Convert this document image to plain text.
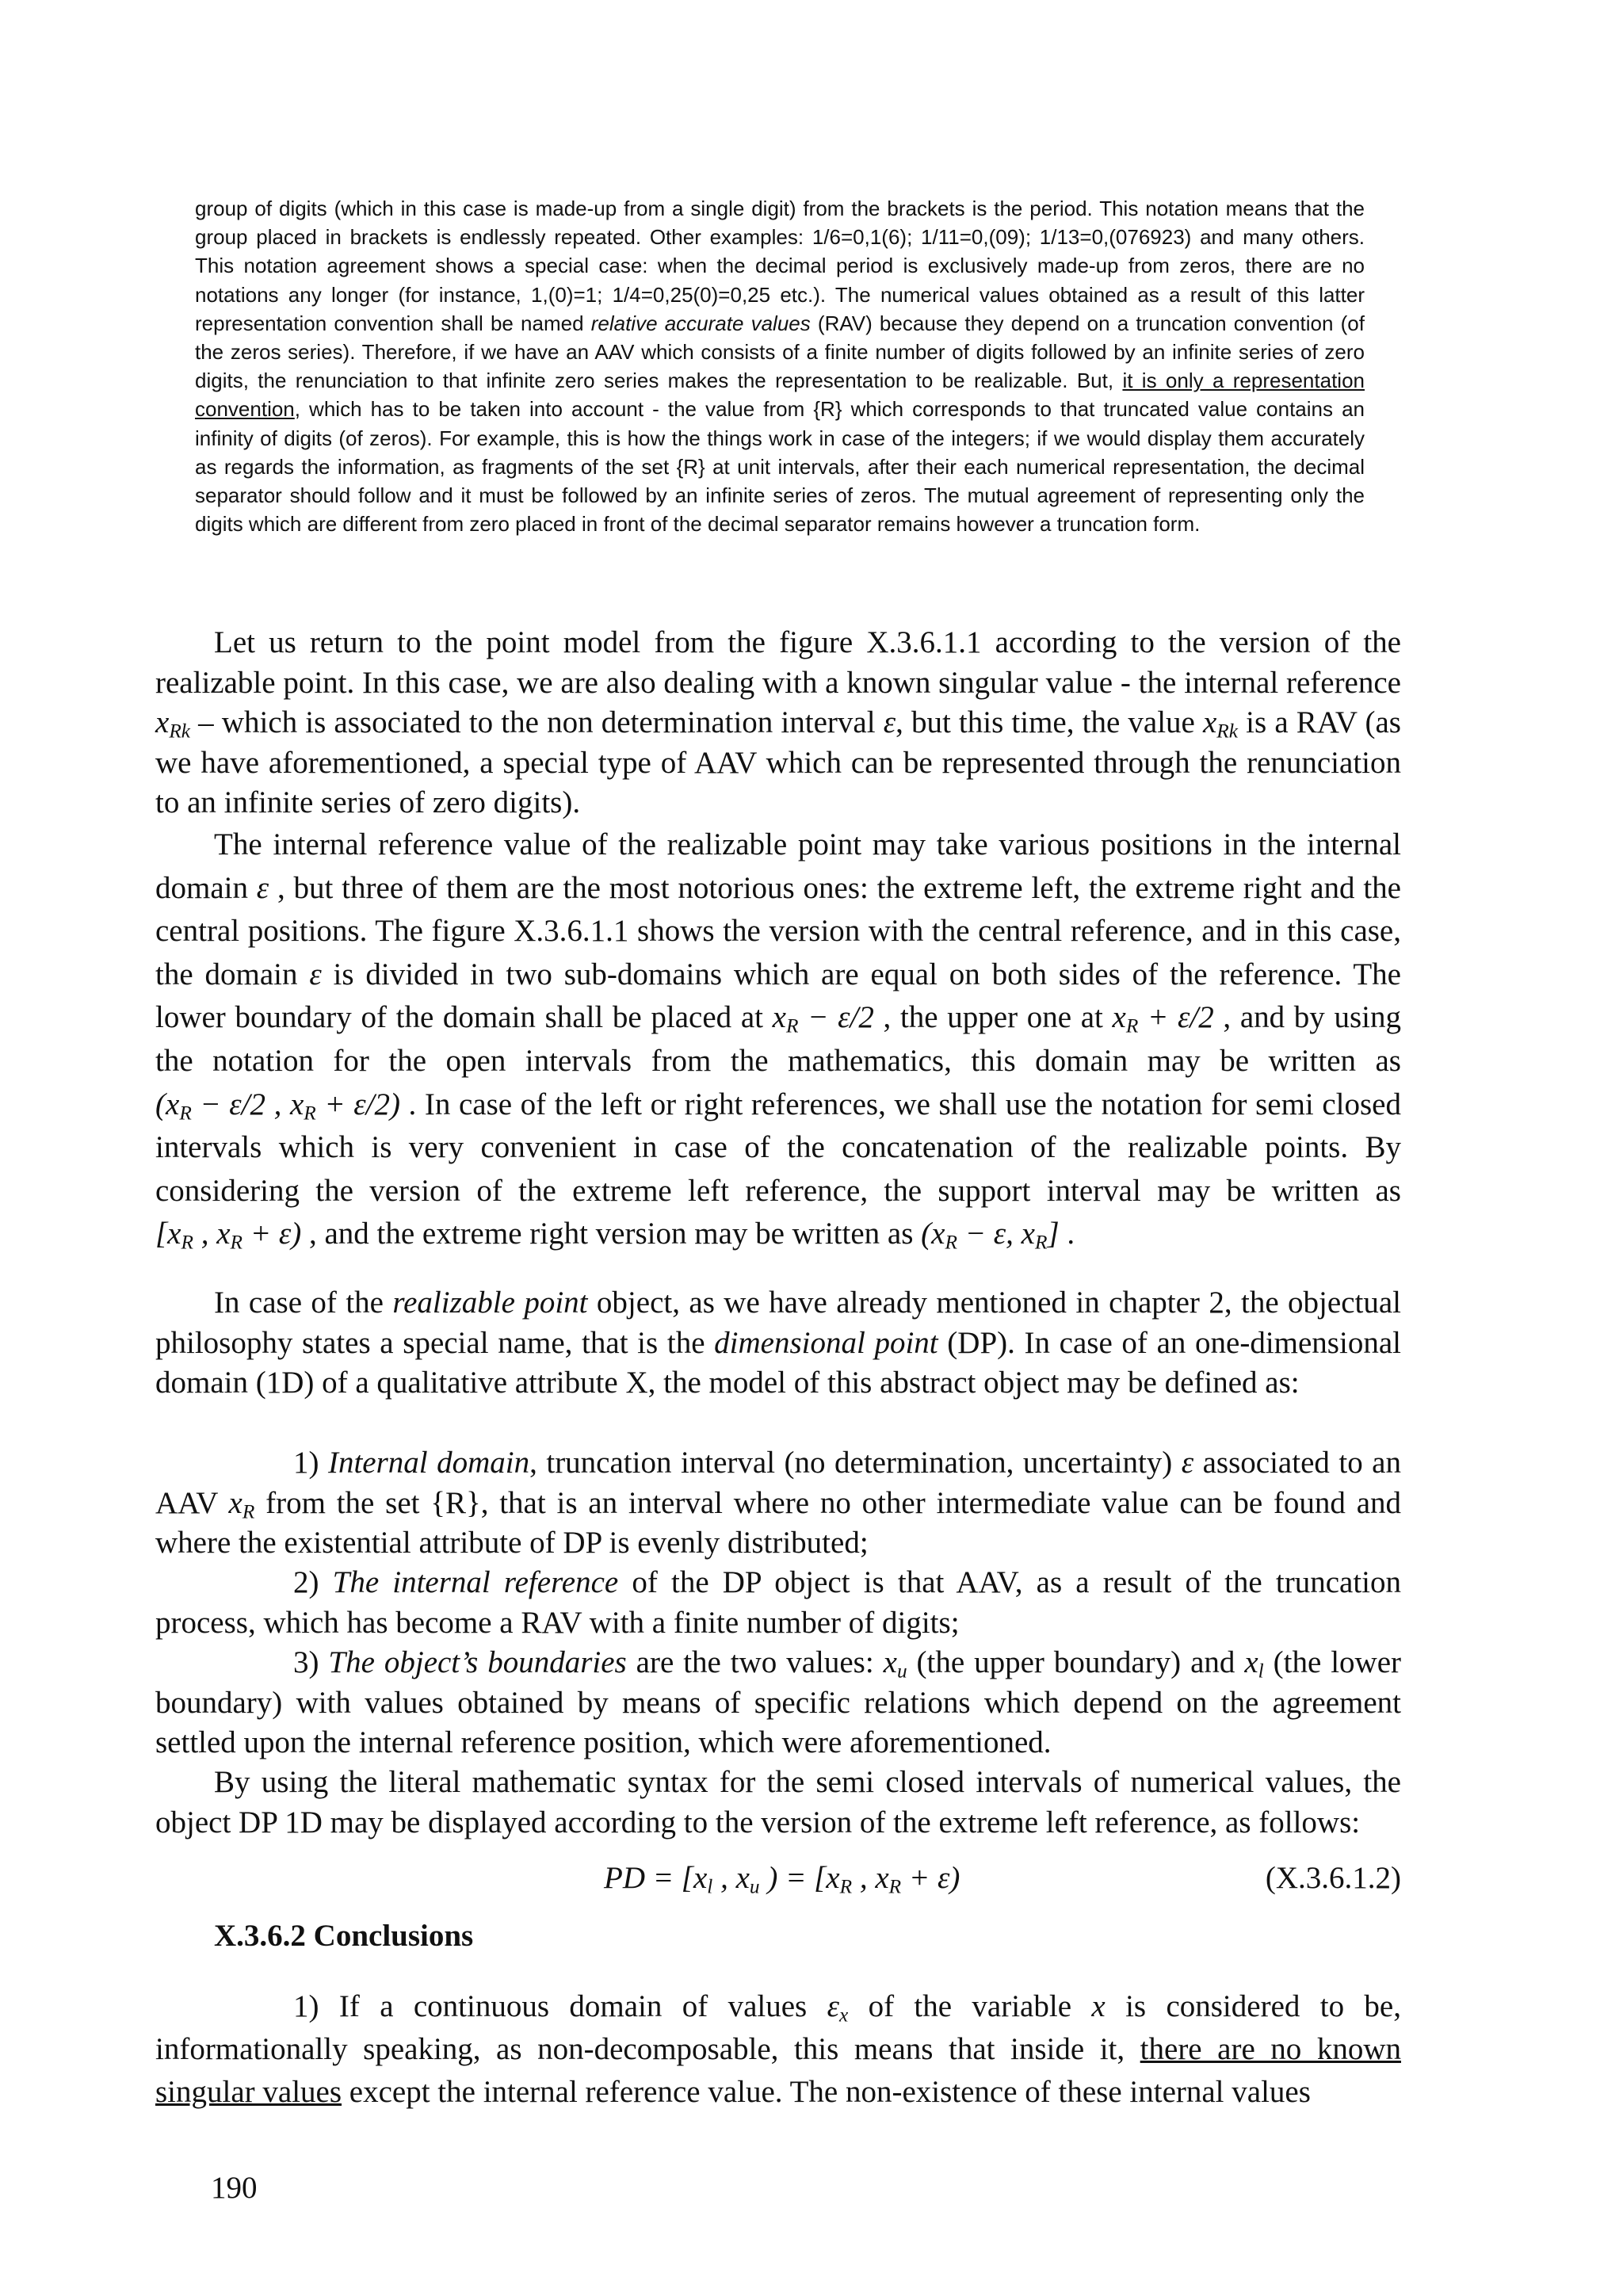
group of digits (which in this case is made-up from a single digit) from the brackets is the period. This notation means that the group placed in brackets is endlessly repeated. Other examples: 1/6=0,1(6); 1/11=0,(09); 1/13=0,(076923) and many others. This notation agreement shows a special case: when the decimal period is exclusively made-up from zeros, there are no notations any longer (for instance, 1,(0)=1; 1/4=0,25(0)=0,25 etc.). The numerical values obtained as a result of this latter representation convention shall be named relative accurate values (RAV) because they depend on a truncation convention (of the zeros series). Therefore, if we have an AAV which consists of a finite number of digits followed by an infinite series of zero digits, the renunciation to that infinite zero series makes the representation to be realizable. But, it is only a representation convention, which has to be taken into account - the value from {R} which corresponds to that truncated value contains an infinity of digits (of zeros). For example, this is how the things work in case of the integers; if we would display them accurately as regards the information, as fragments of the set {R} at unit intervals, after their each numerical representation, the decimal separator should follow and it must be followed by an infinite series of zeros. The mutual agreement of representing only the digits which are different from zero placed in front of the decimal separator remains however a truncation form.

Let us return to the point model from the figure X.3.6.1.1 according to the version of the realizable point. In this case, we are also dealing with a known singular value - the internal reference $x_{Rk}$ – which is associated to the non determination interval ε, but this time, the value $x_{Rk}$ is a RAV (as we have aforementioned, a special type of AAV which can be represented through the renunciation to an infinite series of zero digits).

The internal reference value of the realizable point may take various positions in the internal domain ε , but three of them are the most notorious ones: the extreme left, the extreme right and the central positions. The figure X.3.6.1.1 shows the version with the central reference, and in this case, the domain ε is divided in two sub-domains which are equal on both sides of the reference. The lower boundary of the domain shall be placed at $x_R - \varepsilon/2$ , the upper one at $x_R + \varepsilon/2$ , and by using the notation for the open intervals from the mathematics, this domain may be written as ($x_R - \varepsilon/2$ , $x_R + \varepsilon/2$) . In case of the left or right references, we shall use the notation for semi closed intervals which is very convenient in case of the concatenation of the realizable points. By considering the version of the extreme left reference, the support interval may be written as [$x_R$ , $x_R + \varepsilon$) , and the extreme right version may be written as ($x_R - \varepsilon$, $x_R$] .

In case of the realizable point object, as we have already mentioned in chapter 2, the objectual philosophy states a special name, that is the dimensional point (DP). In case of an one-dimensional domain (1D) of a qualitative attribute X, the model of this abstract object may be defined as:

1) Internal domain, truncation interval (no determination, uncertainty) ε associated to an AAV $x_R$ from the set {R}, that is an interval where no other intermediate value can be found and where the existential attribute of DP is evenly distributed;

2) The internal reference of the DP object is that AAV, as a result of the truncation process, which has become a RAV with a finite number of digits;

3) The object’s boundaries are the two values: $x_u$ (the upper boundary) and $x_l$ (the lower boundary) with values obtained by means of specific relations which depend on the agreement settled upon the internal reference position, which were aforementioned.

By using the literal mathematic syntax for the semi closed intervals of numerical values, the object DP 1D may be displayed according to the version of the extreme left reference, as follows:

PD = [$x_l$ , $x_u$ ) = [$x_R$ , $x_R + \varepsilon$)	(X.3.6.1.2)
X.3.6.2 Conclusions

1) If a continuous domain of values $\varepsilon_x$ of the variable x is considered to be, informationally speaking, as non-decomposable, this means that inside it, there are no known singular values except the internal reference value. The non-existence of these internal values

190
